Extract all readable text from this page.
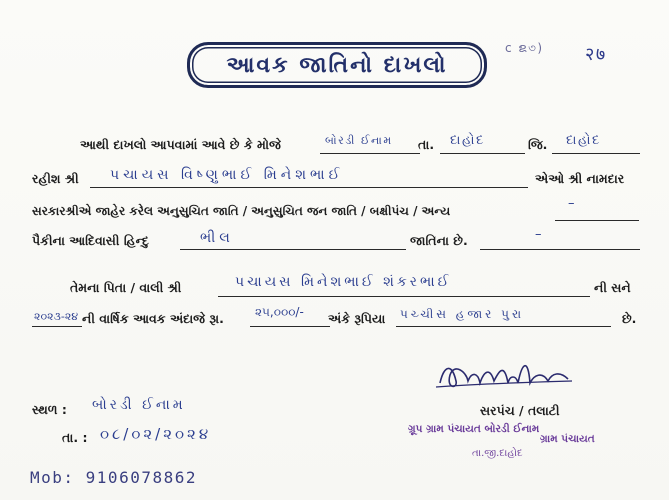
c ຂ৩) २७
આવક જાતિનો દાખલો
આથી દાખલો આપવામાં આવે છે કે મોજે	બોરડી ઈનામ તા. દાહોદ	જિ. દાહોદ
રહીશ શ્રી પચાયસ વિષ્ણુભાઈ મિનેશભાઈ	એઓ શ્રી નામદાર
સરકારશ્રીએ જાહેર કરેલ અનુસુચિત જાતિ / અનુસુચિત જન જાતિ / બક્ષીપંચ / અન્ય	–
પૈકીના આદિવાસી હિન્દુ	ભીલ	જાતિના છે.	–
તેમના પિતા / વાલી શ્રી	પચાયસ મિનેશભાઈ શંકરભાઈ	ની સને
૨૦૨૩-૨૪ ની વાર્ષિક આવક અંદાજે રૂા.	૨૫,૦૦૦/- અંકે રૂપિયા પચ્ચીસ હજાર પુરા	છે.
ગ્રૂપ ગ્રામ પંચાયત બોરડી ઈનામ
ગ્રામ પંચાયત
તા.જી.દાહોદ
સરપંચ / તલાટી
સ્થળ : બોરડી ઈનામ
તા. : ૦૮/૦૨/૨૦૨૪
Mob: 9106078862
